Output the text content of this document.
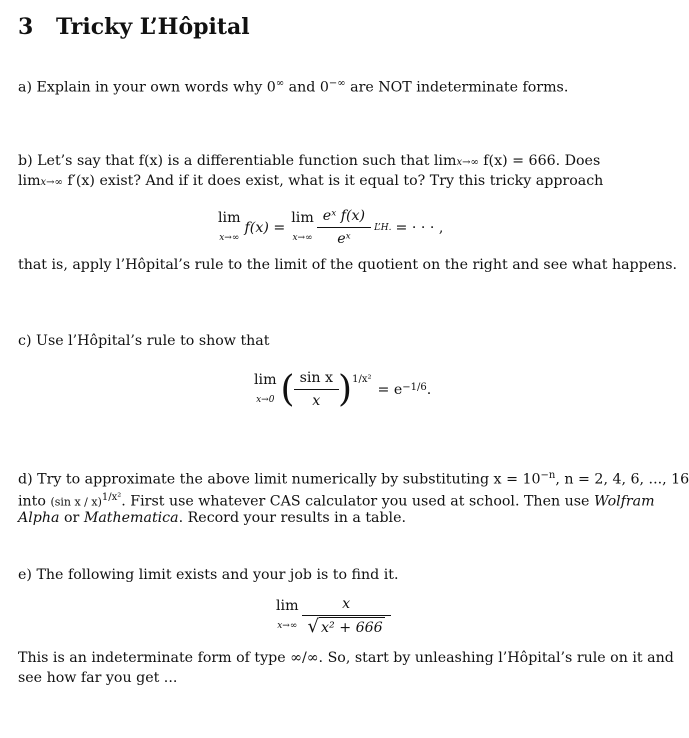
3 Tricky L’Hôpital
a) Explain in your own words why 0∞ and 0−∞ are NOT indeterminate forms.
b) Let’s say that f(x) is a differentiable function such that limx→∞ f(x) = 666. Does
limx→∞ f′(x) exist? And if it does exist, what is it equal to? Try this tricky approach
lim
x→∞
f(x) =
lim
$x\to\infty \frac{\text{eˣ f(x)}}{\text{eˣ}}$ L’H. = · · · ,
that is, apply l’Hôpital’s rule to the limit of the quotient on the right and see what happens.
c) Use l’Hôpital’s rule to show that
lim
x→0 ( $\frac{\text{sin x}}{x}$ ) 1/x²
= e −1/6 .
d) Try to approximate the above limit numerically by substituting $x = 10^{-n}$, n = 2, 4, 6, ..., 16
into (sin x / x)$^{1/x^2}$. First use whatever CAS calculator you used at school. Then use Wolfram
Alpha or Mathematica. Record your results in a table.
e) The following limit exists and your job is to find it.
lim
$x\to\infty \frac{x}{\text{√ x² + 666}}$
This is an indeterminate form of type ∞/∞. So, start by unleashing l’Hôpital’s rule on it and
see how far you get ...
